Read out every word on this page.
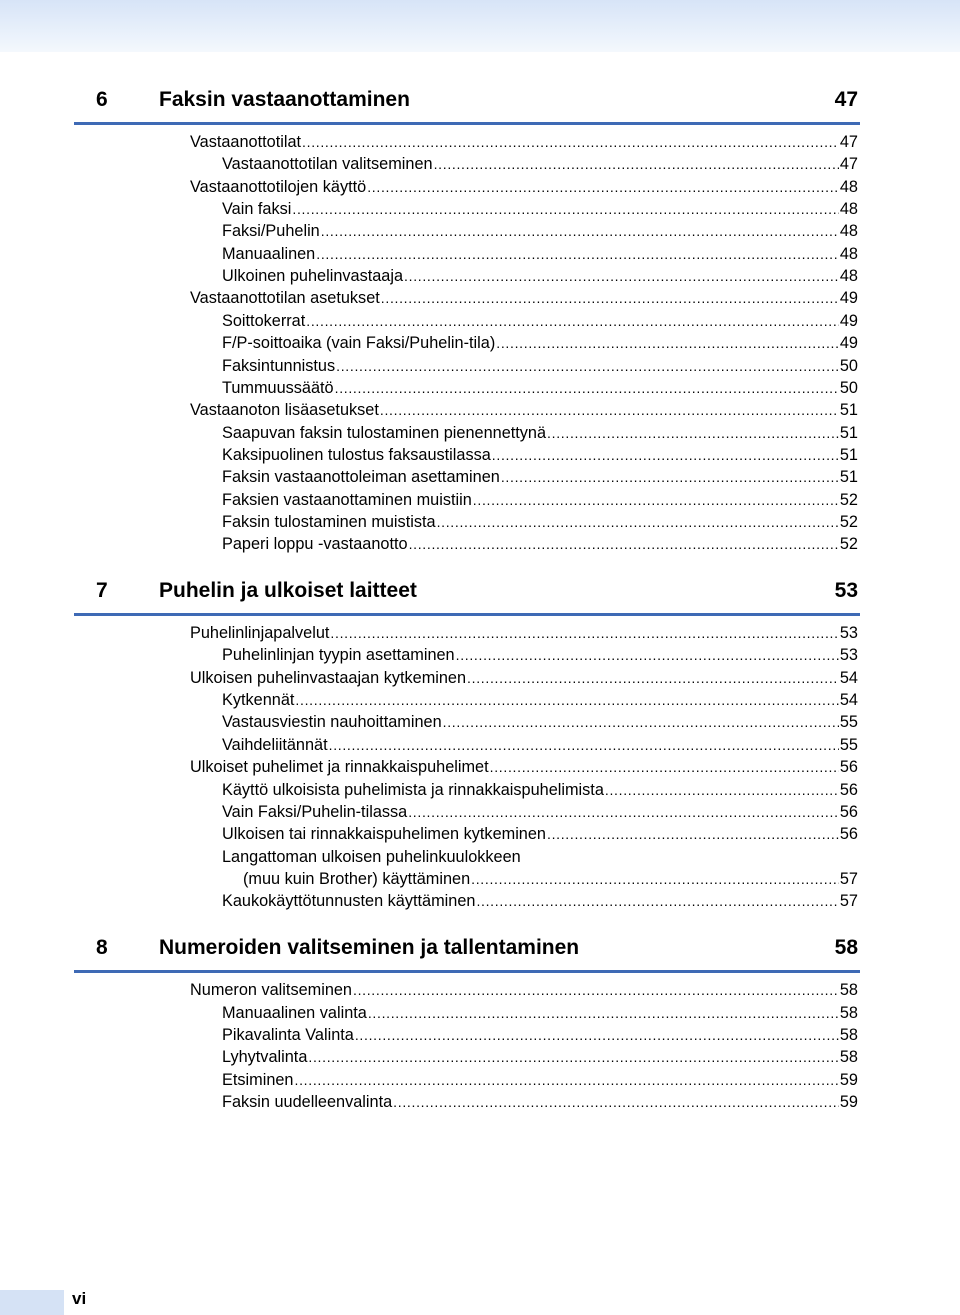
6 Faksin vastaanottaminen	47
Vastaanottotilat . . .	47
Vastaanottotilan valitseminen . . .	47
Vastaanottotilojen käyttö . . .	48
Vain faksi . . .	48
Faksi/Puhelin . . .	48
Manuaalinen . . .	48
Ulkoinen puhelinvastaaja . . .	48
Vastaanottotilan asetukset . . .	49
Soittokerrat . . .	49
F/P-soittoaika (vain Faksi/Puhelin-tila) . . .	49
Faksintunnistus . . .	50
Tummuussäätö . . .	50
Vastaanoton lisäasetukset . . .	51
Saapuvan faksin tulostaminen pienennettynä . . .	51
Kaksipuolinen tulostus faksaustilassa . . .	51
Faksin vastaanottoleiman asettaminen . . .	51
Faksien vastaanottaminen muistiin . . .	52
Faksin tulostaminen muistista . . .	52
Paperi loppu -vastaanotto . . .	52
7 Puhelin ja ulkoiset laitteet	53
Puhelinlinjapalvelut . . .	53
Puhelinlinjan tyypin asettaminen . . .	53
Ulkoisen puhelinvastaajan kytkeminen . . .	54
Kytkennät . . .	54
Vastausviestin nauhoittaminen . . .	55
Vaihdeliitännät . . .	55
Ulkoiset puhelimet ja rinnakkaispuhelimet . . .	56
Käyttö ulkoisista puhelimista ja rinnakkaispuhelimista . . .	56
Vain Faksi/Puhelin-tilassa . . .	56
Ulkoisen tai rinnakkaispuhelimen kytkeminen . . .	56
Langattoman ulkoisen puhelinkuulokkeen
(muu kuin Brother) käyttäminen . . .	57
Kaukokäyttötunnusten käyttäminen . . .	57
8 Numeroiden valitseminen ja tallentaminen	58
Numeron valitseminen . . .	58
Manuaalinen valinta . . .	58
Pikavalinta Valinta . . .	58
Lyhytvalinta . . .	58
Etsiminen . . .	59
Faksin uudelleenvalinta . . .	59
vi
